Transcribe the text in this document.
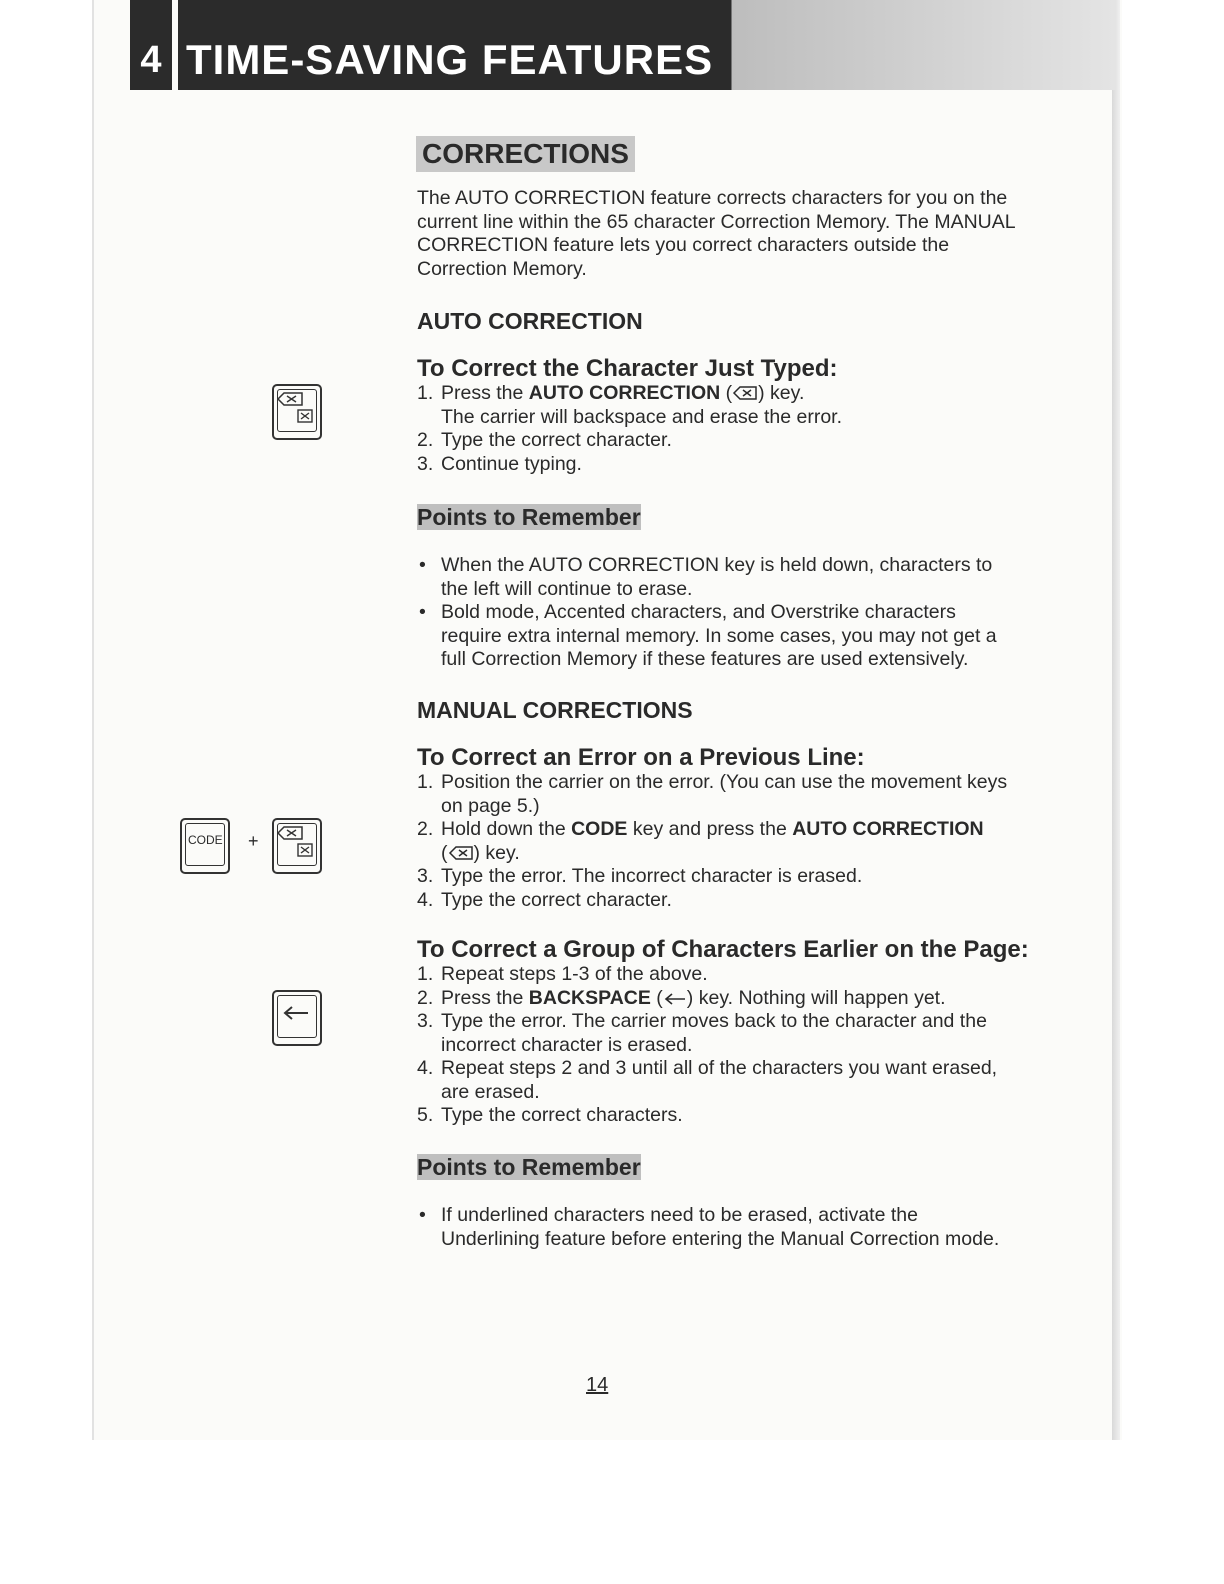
4 TIME-SAVING FEATURES
CORRECTIONS
The AUTO CORRECTION feature corrects characters for you on the current line within the 65 character Correction Memory. The MANUAL CORRECTION feature lets you correct characters outside the Correction Memory.
AUTO CORRECTION
To Correct the Character Just Typed:
1. Press the AUTO CORRECTION ( ) key.
The carrier will backspace and erase the error.
2. Type the correct character.
3. Continue typing.
Points to Remember
• When the AUTO CORRECTION key is held down, characters to the left will continue to erase.
• Bold mode, Accented characters, and Overstrike characters require extra internal memory. In some cases, you may not get a full Correction Memory if these features are used extensively.
MANUAL CORRECTIONS
To Correct an Error on a Previous Line:
1. Position the carrier on the error. (You can use the movement keys on page 5.)
2. Hold down the CODE key and press the AUTO CORRECTION
( ) key.
3. Type the error. The incorrect character is erased.
4. Type the correct character.
CODE +
To Correct a Group of Characters Earlier on the Page:
1. Repeat steps 1-3 of the above.
2. Press the BACKSPACE ( ) key. Nothing will happen yet.
3. Type the error. The carrier moves back to the character and the incorrect character is erased.
4. Repeat steps 2 and 3 until all of the characters you want erased, are erased.
5. Type the correct characters.
Points to Remember
• If underlined characters need to be erased, activate the Underlining feature before entering the Manual Correction mode.
14
